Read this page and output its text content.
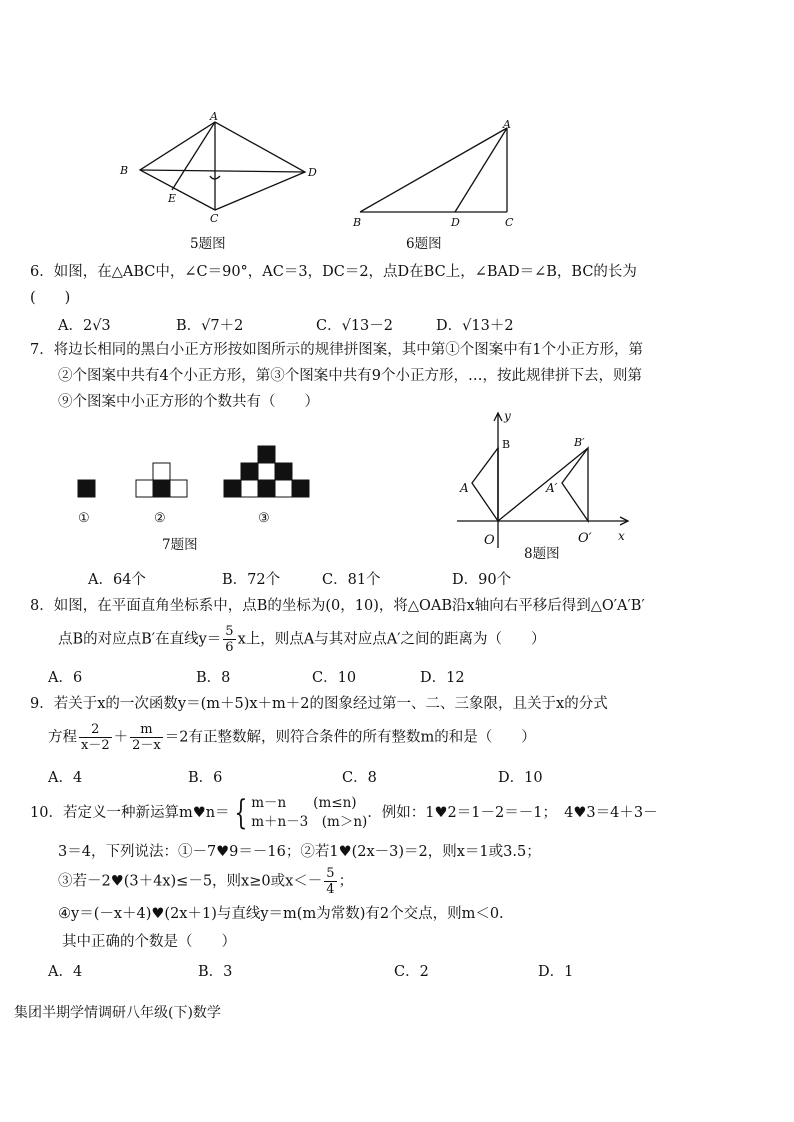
A
B
C
D
E
5题图
A
B	D	C
6题图
6．如图，在△ABC中，∠C＝90°，AC＝3，DC＝2，点D在BC上，∠BAD＝∠B，BC的长为
(　　)
A．2√3	B．√7＋2	C．√13－2	D．√13＋2
7．将边长相同的黑白小正方形按如图所示的规律拼图案，其中第①个图案中有1个小正方形，第
②个图案中共有4个小正方形，第③个图案中共有9个小正方形，…，按此规律拼下去，则第
⑨个图案中小正方形的个数共有（　　）
①	②	③
7题图
y
B	B′
A	A′
O	O′ x
8题图
A．64个	B．72个	C．81个	D．90个
8．如图，在平面直角坐标系中，点B的坐标为(0，10)，将△OAB沿x轴向右平移后得到△O′A′B′
点B的对应点B′在直线$y= \frac{5}{6}$ x上，则点A与其对应点A′之间的距离为（　　）
A．6	B．8	C．10	D．12
9．若关于x的一次函数y＝(m＋5)x＋m＋2的图象经过第一、二、三象限，且关于x的分式
方程 $\frac{2}{x-2} + \frac{m}{2-x} =2$有正整数解，则符合条件的所有整数m的和是（　　）
A．4	B．6	C．8	D．10
10．若定义一种新运算m♥n＝ { m－n　　(m≤n)
m＋n－3　(m＞n)
．例如：1♥2＝1－2＝－1；　4♥3＝4＋3－
3＝4，下列说法：①－7♥9＝－16；②若1♥(2x－3)＝2，则x＝1或3.5；
③若－2♥(3＋4x)≤－5，则x≥0或$x<- \frac{5}{4}$ ；
④y＝(－x＋4)♥(2x＋1)与直线y＝m(m为常数)有2个交点，则m＜0.
其中正确的个数是（　　）
A．4	B．3	C．2	D．1
集团半期学情调研八年级(下)数学
